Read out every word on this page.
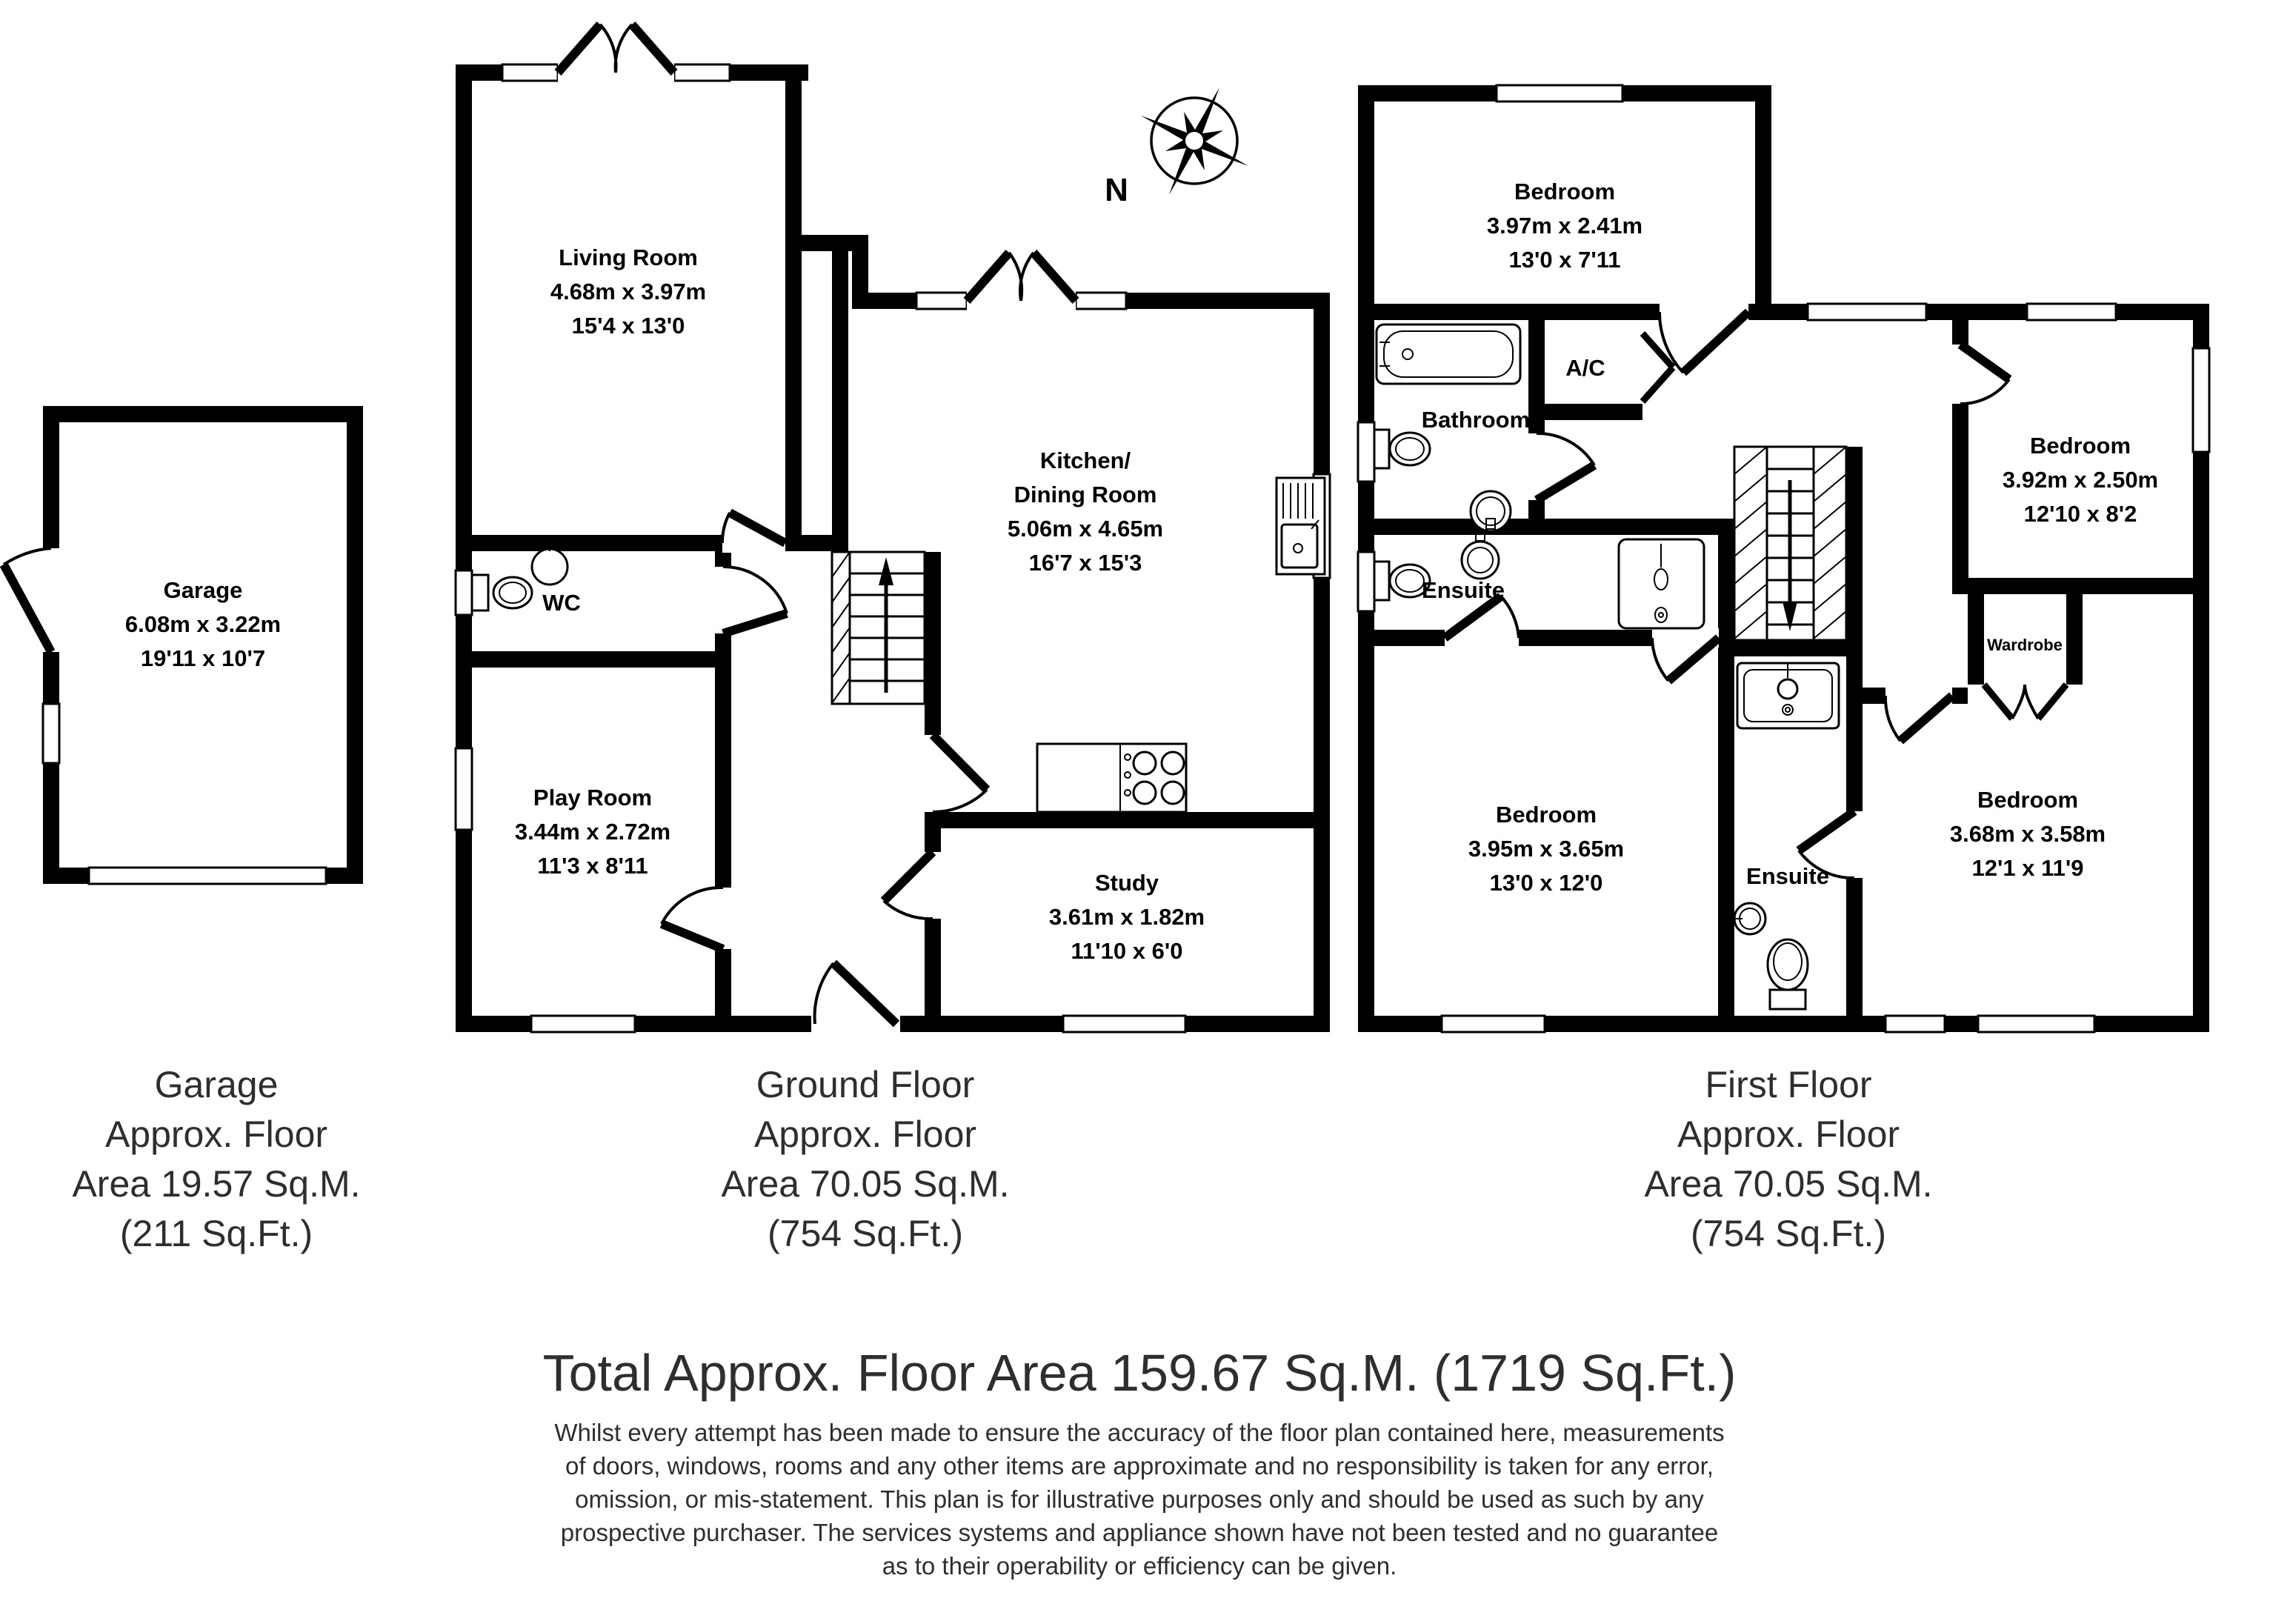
Garage
6.08m x 3.22m
19'11 x 10'7
Living Room
4.68m x 3.97m
15'4 x 13'0
Kitchen/
Dining Room
5.06m x 4.65m
16'7 x 15'3
WC
Play Room
3.44m x 2.72m
11'3 x 8'11
Study
3.61m x 1.82m
11'10 x 6'0
N	Bedroom
3.97m x 2.41m
13'0 x 7'11
Bathroom
A/C
Ensuite
Bedroom
3.92m x 2.50m
12'10 x 8'2
Wardrobe
Bedroom
3.95m x 3.65m
13'0 x 12'0	Ensuite
Bedroom
3.68m x 3.58m
12'1 x 11'9
Garage
Approx. Floor
Area 19.57 Sq.M.
(211 Sq.Ft.)
Ground Floor
Approx. Floor
Area 70.05 Sq.M.
(754 Sq.Ft.)
First Floor
Approx. Floor
Area 70.05 Sq.M.
(754 Sq.Ft.)
Total Approx. Floor Area 159.67 Sq.M. (1719 Sq.Ft.)
Whilst every attempt has been made to ensure the accuracy of the floor plan contained here, measurements
of doors, windows, rooms and any other items are approximate and no responsibility is taken for any error,
omission, or mis-statement. This plan is for illustrative purposes only and should be used as such by any
prospective purchaser. The services systems and appliance shown have not been tested and no guarantee
as to their operability or efficiency can be given.
